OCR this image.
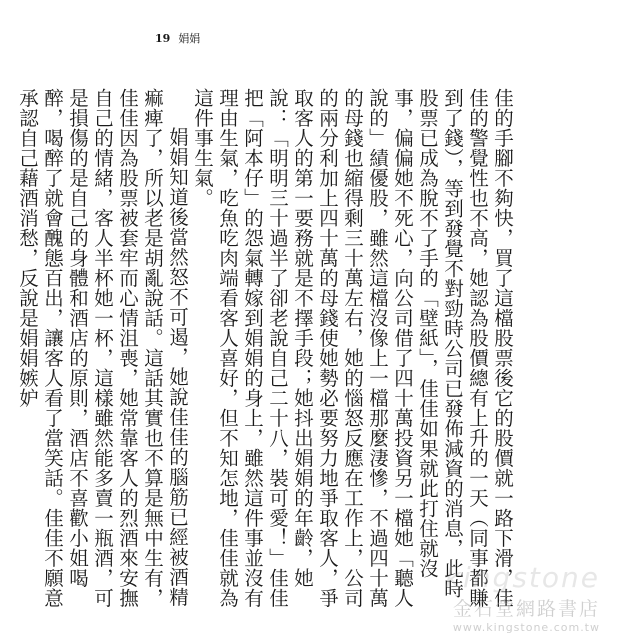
19 娟娟

佳的手腳不夠快，買了這檔股票後它的股價就一路下滑，佳佳的警覺性也不高，她認為股價總有上升的一天（同事都賺到了錢），等到發覺不對勁時公司已發佈減資的消息，此時股票已成為脫不了手的「壁紙」，佳佳如果就此打住就沒事，偏偏她不死心，向公司借了四十萬投資另一檔她「聽人說的」績優股，雖然這檔沒像上一檔那麼淒慘，不過四十萬的母錢也縮得剩三十萬左右，她的惱怒反應在工作上，公司的兩分利加上四十萬的母錢使她勢必要努力地爭取客人，爭取客人的第一要務就是不擇手段；她抖出娟娟的年齡，她說：「明明三十過半了卻老說自己二十八，裝可愛！」佳佳把「阿本仔」的怨氣轉嫁到娟娟的身上，雖然這件事並沒有理由生氣，吃魚吃肉端看客人喜好，但不知怎地，佳佳就為這件事生氣。

娟娟知道後當然怒不可遏，她說佳佳的腦筋已經被酒精痲痺了，所以老是胡亂說話。這話其實也不算是無中生有，佳佳因為股票被套牢而心情沮喪，她常靠客人的烈酒來安撫自己的情緒，客人半杯她一杯，這樣雖然能多賣一瓶酒，可是損傷的是自己的身體和酒店的原則，酒店不喜歡小姐喝醉，喝醉了就會醜態百出，讓客人看了當笑話。佳佳不願意承認自己藉酒消愁，反說是娟娟嫉妒

kingstone
金石堂網路書店
www.kingstone.com.tw
